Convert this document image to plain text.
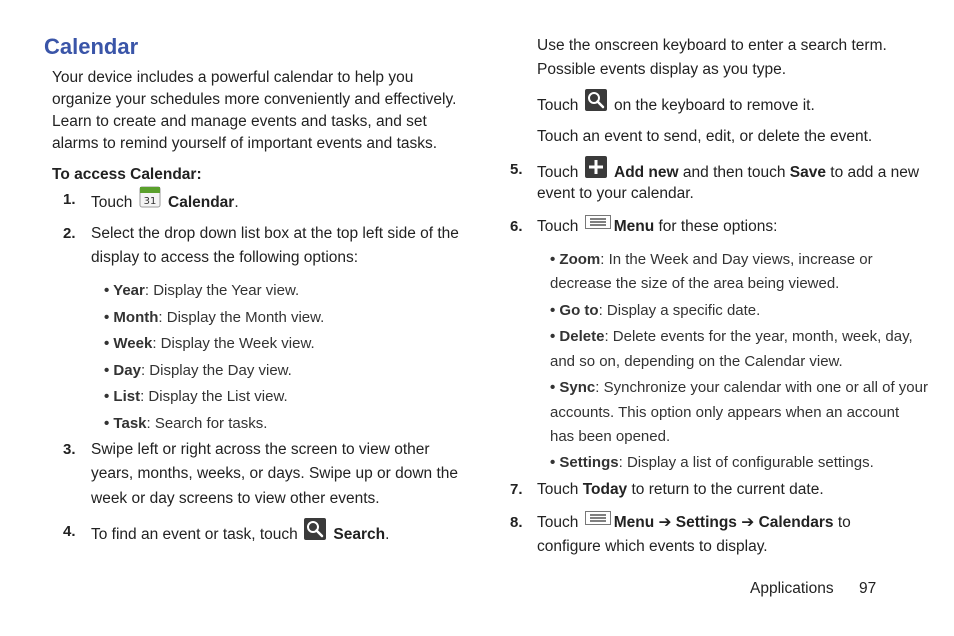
Calendar
Your device includes a powerful calendar to help you
organize your schedules more conveniently and effectively.
Learn to create and manage events and tasks, and set
alarms to remind yourself of important events and tasks.
To access Calendar:
1. Touch 31 Calendar.
2. Select the drop down list box at the top left side of the
display to access the following options:
• Year: Display the Year view.
• Month: Display the Month view.
• Week: Display the Week view.
• Day: Display the Day view.
• List: Display the List view.
• Task: Search for tasks.
3. Swipe left or right across the screen to view other
years, months, weeks, or days. Swipe up or down the
week or day screens to view other events.
4. To find an event or task, touch Search.
Use the onscreen keyboard to enter a search term.
Possible events display as you type.
Touch on the keyboard to remove it.
Touch an event to send, edit, or delete the event.
5. Touch Add new and then touch Save to add a new
event to your calendar.
6. Touch Menu for these options:
• Zoom: In the Week and Day views, increase or
decrease the size of the area being viewed.
• Go to: Display a specific date.
• Delete: Delete events for the year, month, week, day,
and so on, depending on the Calendar view.
• Sync: Synchronize your calendar with one or all of your
accounts. This option only appears when an account
has been opened.
• Settings: Display a list of configurable settings.
7. Touch Today to return to the current date.
8. Touch Menu ➔ Settings ➔ Calendars to
configure which events to display.
Applications 97
